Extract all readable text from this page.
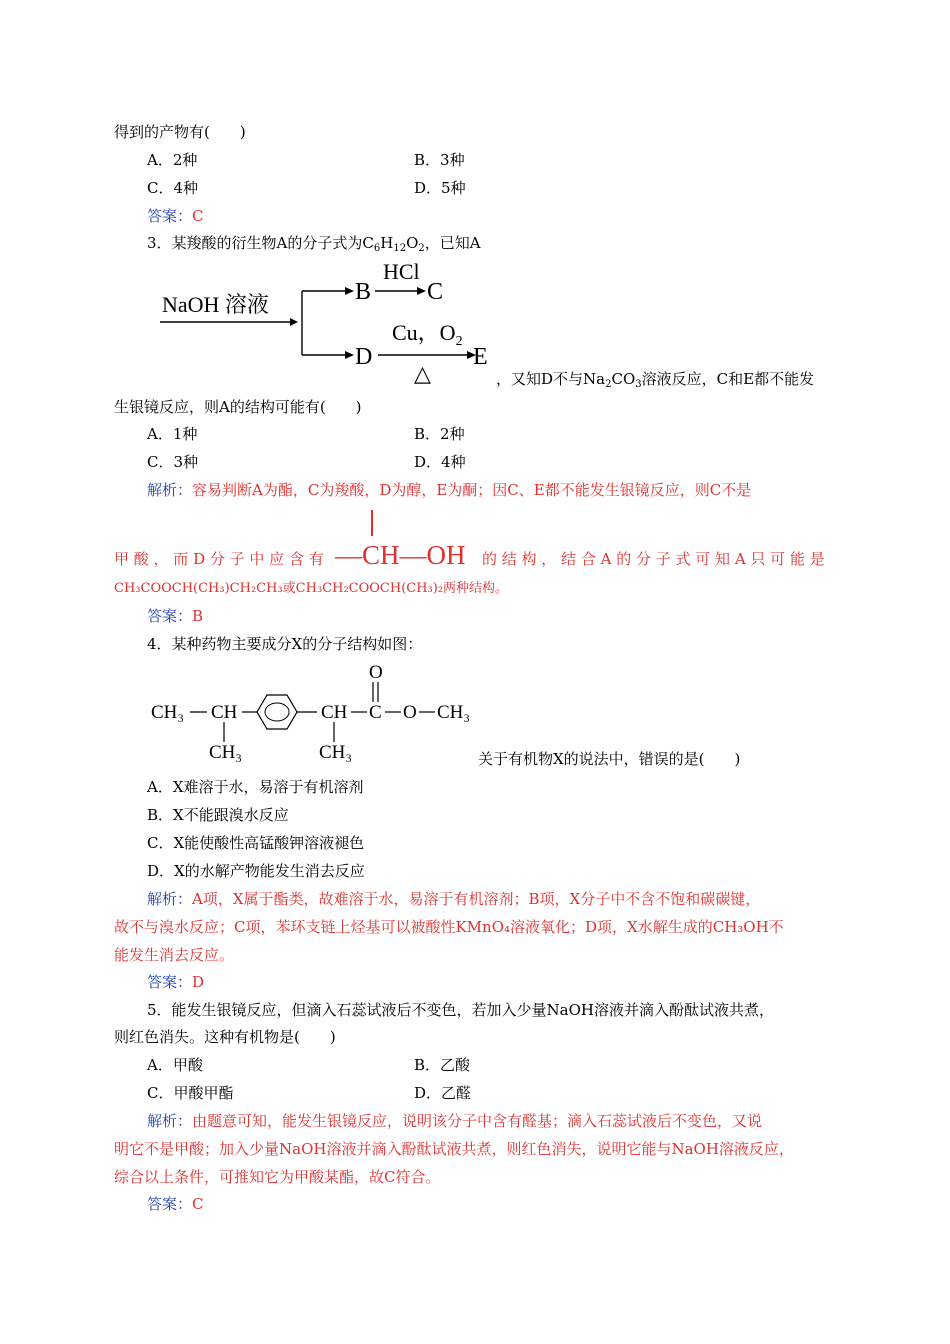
得到的产物有(　　)
A．2种	B．3种
C．4种	D．5种
答案：C
3．某羧酸的衍生物A的分子式为$C_6H_{12}O_2$，已知A
NaOH 溶液	B
HCl
C
D
Cu，$O_2$
E
△	，又知D不与$Na_2CO_3$溶液反应，C和E都不能发
生银镜反应，则A的结构可能有(　　)
A．1种	B．2种
C．3种	D．4种
解析：容易判断A为酯，C为羧酸，D为醇，E为酮；因C、E都不能发生银镜反应，则C不是
甲 酸 ， 而 D 分 子 中 应 含 有 —CH—OH 的 结 构 ， 结 合 A 的 分 子 式 可 知 A 只 可 能 是
CH₃COOCH(CH₃)CH₂CH₃或CH₃CH₂COOCH(CH₃)₂两种结构。
答案：B
4．某种药物主要成分X的分子结构如图：
CH₃ CH
CH₃
CH
CH₃
C
O
O CH₃
关于有机物X的说法中，错误的是(　　)
A．X难溶于水，易溶于有机溶剂
B．X不能跟溴水反应
C．X能使酸性高锰酸钾溶液褪色
D．X的水解产物能发生消去反应
解析：A项，X属于酯类，故难溶于水，易溶于有机溶剂；B项，X分子中不含不饱和碳碳键，
故不与溴水反应；C项，苯环支链上烃基可以被酸性KMnO₄溶液氧化；D项，X水解生成的CH₃OH不
能发生消去反应。
答案：D
5．能发生银镜反应，但滴入石蕊试液后不变色，若加入少量NaOH溶液并滴入酚酞试液共煮，
则红色消失。这种有机物是(　　)
A．甲酸	B．乙酸
C．甲酸甲酯	D．乙醛
解析：由题意可知，能发生银镜反应，说明该分子中含有醛基；滴入石蕊试液后不变色，又说
明它不是甲酸；加入少量NaOH溶液并滴入酚酞试液共煮，则红色消失，说明它能与NaOH溶液反应，
综合以上条件，可推知它为甲酸某酯，故C符合。
答案：C
